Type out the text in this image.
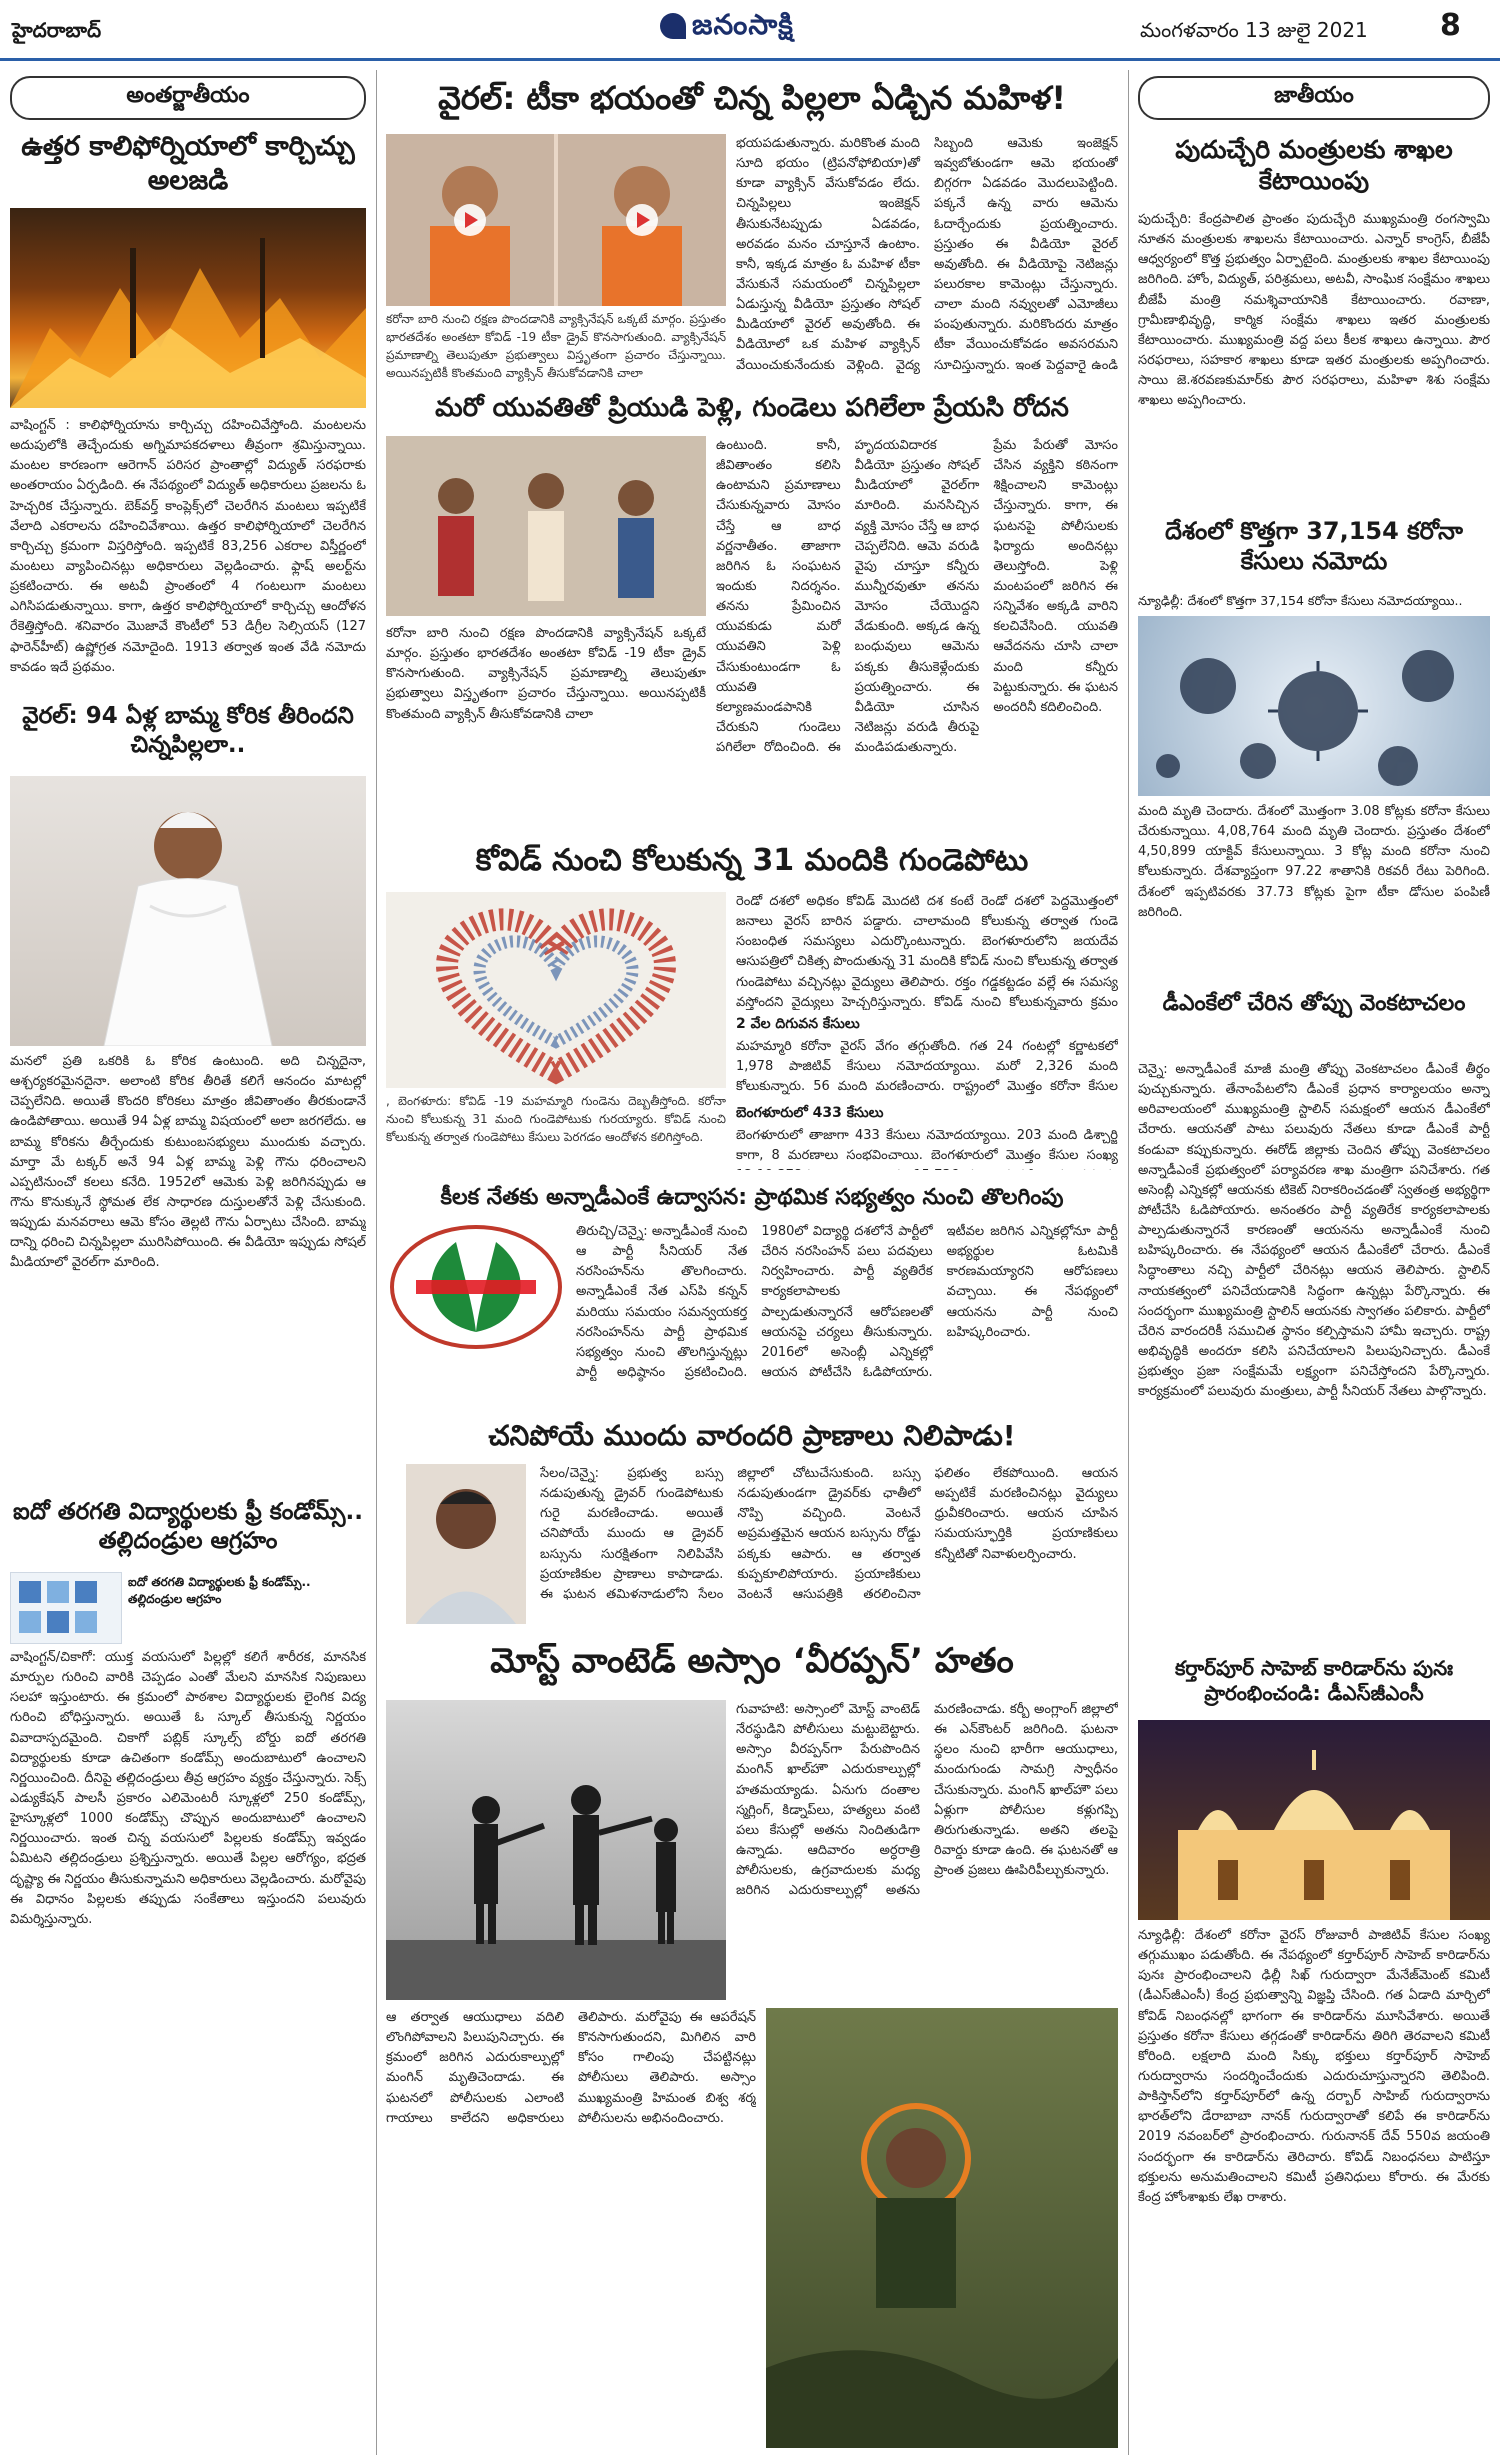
హైదరాబాద్	జనంసాక్షి	మంగళవారం 13 జులై 2021 8
అంతర్జాతీయం
ఉత్తర కాలిఫోర్నియాలో కార్చిచ్చు అలజడి
వాషింగ్టన్ : కాలిఫోర్నియాను కార్చిచ్చు దహించివేస్తోంది. మంటలను అదుపులోకి తెచ్చేందుకు అగ్నిమాపకదళాలు తీవ్రంగా శ్రమిస్తున్నాయి. మంటల కారణంగా ఆరెగాన్ పరిసర ప్రాంతాల్లో విద్యుత్ సరఫరాకు అంతరాయం ఏర్పడింది. ఈ నేపథ్యంలో విద్యుత్ అధికారులు ప్రజలను ఓ హెచ్చరిక చేస్తున్నారు. బెక్‌వర్త్ కాంప్లెక్స్‌లో చెలరేగిన మంటలు ఇప్పటికే వేలాది ఎకరాలను దహించివేశాయి. ఉత్తర కాలిఫోర్నియాలో చెలరేగిన కార్చిచ్చు క్రమంగా విస్తరిస్తోంది. ఇప్పటికే 83,256 ఎకరాల విస్తీర్ణంలో మంటలు వ్యాపించినట్లు అధికారులు వెల్లడించారు. ఫ్లాష్ అలర్ట్‌ను ప్రకటించారు. ఈ అటవీ ప్రాంతంలో 4 గంటలుగా మంటలు ఎగిసిపడుతున్నాయి. కాగా, ఉత్తర కాలిఫోర్నియాలో కార్చిచ్చు ఆందోళన రేకెత్తిస్తోంది. శనివారం మొజావే కౌంటీలో 53 డిగ్రీల సెల్సియస్ (127 ఫారెన్‌హీట్) ఉష్ణోగ్రత నమోదైంది. 1913 తర్వాత ఇంత వేడి నమోదు కావడం ఇదే ప్రథమం.
వైరల్: 94 ఏళ్ల బామ్మ కోరిక తీరిందని చిన్నపిల్లలా..
మనలో ప్రతి ఒకరికి ఓ కోరిక ఉంటుంది. అది చిన్నదైనా, ఆశ్చర్యకరమైనదైనా. అలాంటి కోరిక తీరితే కలిగే ఆనందం మాటల్లో చెప్పలేనిది. అయితే కొందరి కోరికలు మాత్రం జీవితాంతం తీరకుండానే ఉండిపోతాయి. అయితే 94 ఏళ్ల బామ్మ విషయంలో అలా జరగలేదు. ఆ బామ్మ కోరికను తీర్చేందుకు కుటుంబసభ్యులు ముందుకు వచ్చారు. మార్తా మే టక్కర్ అనే 94 ఏళ్ల బామ్మ పెళ్లి గౌను ధరించాలని ఎప్పటినుంచో కలలు కనేది. 1952లో ఆమెకు పెళ్లి జరిగినప్పుడు ఆ గౌను కొనుక్కునే స్థోమత లేక సాధారణ దుస్తులతోనే పెళ్లి చేసుకుంది. ఇప్పుడు మనవరాలు ఆమె కోసం తెల్లటి గౌను ఏర్పాటు చేసింది. బామ్మ దాన్ని ధరించి చిన్నపిల్లలా మురిసిపోయింది. ఈ వీడియో ఇప్పుడు సోషల్ మీడియాలో వైరల్‌గా మారింది.
ఐదో తరగతి విద్యార్థులకు ఫ్రీ కండోమ్స్‌.. తల్లిదండ్రుల ఆగ్రహం
ఐదో తరగతి విద్యార్థులకు ఫ్రీ కండోమ్స్‌.. తల్లిదండ్రుల ఆగ్రహం
వాషింగ్టన్‌/చికాగో: యుక్త వయసులో పిల్లల్లో కలిగే శారీరక, మానసిక మార్పుల గురించి వారికి చెప్పడం ఎంతో మేలని మానసిక నిపుణులు సలహా ఇస్తుంటారు. ఈ క్రమంలో పాఠశాల విద్యార్థులకు లైంగిక విద్య గురించి బోధిస్తున్నారు. అయితే ఓ స్కూల్ తీసుకున్న నిర్ణయం వివాదాస్పదమైంది. చికాగో పబ్లిక్ స్కూల్స్‌ బోర్డు ఐదో తరగతి విద్యార్థులకు కూడా ఉచితంగా కండోమ్స్‌ అందుబాటులో ఉంచాలని నిర్ణయించింది. దీనిపై తల్లిదండ్రులు తీవ్ర ఆగ్రహం వ్యక్తం చేస్తున్నారు. సెక్స్ ఎడ్యుకేషన్ పాలసీ ప్రకారం ఎలిమెంటరీ స్కూళ్లలో 250 కండోమ్స్‌, హైస్కూళ్లలో 1000 కండోమ్స్‌ చొప్పున అందుబాటులో ఉంచాలని నిర్ణయించారు. ఇంత చిన్న వయసులో పిల్లలకు కండోమ్స్‌ ఇవ్వడం ఏమిటని తల్లిదండ్రులు ప్రశ్నిస్తున్నారు. అయితే పిల్లల ఆరోగ్యం, భద్రత దృష్ట్యా ఈ నిర్ణయం తీసుకున్నామని అధికారులు వెల్లడించారు. మరోవైపు ఈ విధానం పిల్లలకు తప్పుడు సంకేతాలు ఇస్తుందని పలువురు విమర్శిస్తున్నారు.
వైరల్‌: టీకా భయంతో చిన్న పిల్లలా ఏడ్చిన మహిళ!
కరోనా బారి నుంచి రక్షణ పొందడానికి వ్యాక్సినేషన్ ఒక్కటే మార్గం. ప్రస్తుతం భారతదేశం అంతటా కోవిడ్ -19 టీకా డ్రైవ్ కొనసాగుతుంది. వ్యాక్సినేషన్ ప్రమాణాల్ని తెలుపుతూ ప్రభుత్వాలు విస్తృతంగా ప్రచారం చేస్తున్నాయి. అయినప్పటికీ కొంతమంది వ్యాక్సిన్ తీసుకోవడానికి చాలా
భయపడుతున్నారు. మరికొంత మంది సూది భయం (ట్రిపనోఫోబియా)తో కూడా వ్యాక్సిన్ వేసుకోవడం లేదు. చిన్నపిల్లలు ఇంజెక్షన్ తీసుకునేటప్పుడు ఏడవడం, అరవడం మనం చూస్తూనే ఉంటాం. కానీ, ఇక్కడ మాత్రం ఓ మహిళ టీకా వేసుకునే సమయంలో చిన్నపిల్లలా ఏడుస్తున్న వీడియో ప్రస్తుతం సోషల్ మీడియాలో వైరల్ అవుతోంది. ఈ వీడియోలో ఒక మహిళ వ్యాక్సిన్ వేయించుకునేందుకు వెళ్లింది. వైద్య సిబ్బంది ఆమెకు ఇంజెక్షన్ ఇవ్వబోతుండగా ఆమె భయంతో బిగ్గరగా ఏడవడం మొదలుపెట్టింది. పక్కనే ఉన్న వారు ఆమెను ఓదార్చేందుకు ప్రయత్నించారు. ప్రస్తుతం ఈ వీడియో వైరల్ అవుతోంది. ఈ వీడియోపై నెటిజన్లు పలురకాల కామెంట్లు చేస్తున్నారు. చాలా మంది నవ్వులతో ఎమోజీలు పంపుతున్నారు. మరికొందరు మాత్రం టీకా వేయించుకోవడం అవసరమని సూచిస్తున్నారు. ఇంత పెద్దవారై ఉండి
మరో యువతితో ప్రియుడి పెళ్లి, గుండెలు పగిలేలా ప్రేయసి రోదన
ఉంటుంది. కానీ, జీవితాంతం కలిసి ఉంటామని ప్రమాణాలు చేసుకున్నవారు మోసం చేస్తే ఆ బాధ వర్ణనాతీతం. తాజాగా జరిగిన ఓ సంఘటన ఇందుకు నిదర్శనం. తనను ప్రేమించిన యువకుడు మరో యువతిని పెళ్లి చేసుకుంటుండగా ఓ యువతి కల్యాణమండపానికి చేరుకుని గుండెలు పగిలేలా రోదించింది. ఈ హృదయవిదారక వీడియో ప్రస్తుతం సోషల్ మీడియాలో వైరల్‌గా మారింది. మనసిచ్చిన వ్యక్తి మోసం చేస్తే ఆ బాధ చెప్పలేనిది. ఆమె వరుడి వైపు చూస్తూ కన్నీరు మున్నీరవుతూ తనను మోసం చేయొద్దని వేడుకుంది. అక్కడ ఉన్న బంధువులు ఆమెను పక్కకు తీసుకెళ్లేందుకు ప్రయత్నించారు. ఈ వీడియో చూసిన నెటిజన్లు వరుడి తీరుపై మండిపడుతున్నారు. ప్రేమ పేరుతో మోసం చేసిన వ్యక్తిని కఠినంగా శిక్షించాలని కామెంట్లు చేస్తున్నారు. కాగా, ఈ ఘటనపై పోలీసులకు ఫిర్యాదు అందినట్లు తెలుస్తోంది. పెళ్లి మంటపంలో జరిగిన ఈ సన్నివేశం అక్కడి వారిని కలచివేసింది. యువతి ఆవేదనను చూసి చాలా మంది కన్నీరు పెట్టుకున్నారు. ఈ ఘటన అందరినీ కదిలించింది.
కరోనా బారి నుంచి రక్షణ పొందడానికి వ్యాక్సినేషన్ ఒక్కటే మార్గం. ప్రస్తుతం భారతదేశం అంతటా కోవిడ్ -19 టీకా డ్రైవ్ కొనసాగుతుంది. వ్యాక్సినేషన్ ప్రమాణాల్ని తెలుపుతూ ప్రభుత్వాలు విస్తృతంగా ప్రచారం చేస్తున్నాయి. అయినప్పటికీ కొంతమంది వ్యాక్సిన్ తీసుకోవడానికి చాలా
కోవిడ్‌ నుంచి కోలుకున్న 31 మందికి గుండెపోటు
, బెంగళూరు: కోవిడ్ -19 మహమ్మారి గుండెను దెబ్బతీస్తోంది. కరోనా నుంచి కోలుకున్న 31 మంది గుండెపోటుకు గురయ్యారు. కోవిడ్ నుంచి కోలుకున్న తర్వాత గుండెపోటు కేసులు పెరగడం ఆందోళన కలిగిస్తోంది.
రెండో దశలో అధికం కోవిడ్ మొదటి దశ కంటే రెండో దశలో పెద్దమొత్తంలో జనాలు వైరస్ బారిన పడ్డారు. చాలామంది కోలుకున్న తర్వాత గుండె సంబంధిత సమస్యలు ఎదుర్కొంటున్నారు. బెంగళూరులోని జయదేవ ఆసుపత్రిలో చికిత్స పొందుతున్న 31 మందికి కోవిడ్ నుంచి కోలుకున్న తర్వాత గుండెపోటు వచ్చినట్లు వైద్యులు తెలిపారు. రక్తం గడ్డకట్టడం వల్లే ఈ సమస్య వస్తోందని వైద్యులు హెచ్చరిస్తున్నారు. కోవిడ్ నుంచి కోలుకున్నవారు క్రమం
2 వేల దిగువన కేసులు
మహమ్మారి కరోనా వైరస్ వేగం తగ్గుతోంది. గత 24 గంటల్లో కర్ణాటకలో 1,978 పాజిటివ్ కేసులు నమోదయ్యాయి. మరో 2,326 మంది కోలుకున్నారు. 56 మంది మరణించారు. రాష్ట్రంలో మొత్తం కరోనా కేసుల
బెంగళూరులో 433 కేసులు
బెంగళూరులో తాజాగా 433 కేసులు నమోదయ్యాయి. 203 మంది డిశ్చార్జి కాగా, 8 మరణాలు సంభవించాయి. బెంగళూరులో మొత్తం కేసుల సంఖ్య
కీలక నేతకు అన్నాడీఎంకే ఉద్వాసన: ప్రాథమిక సభ్యత్వం నుంచి తొలగింపు
తిరుచ్చి/చెన్నై: అన్నాడీఎంకే నుంచి ఆ పార్టీ సీనియర్ నేత నరసింహన్‌ను తొలగించారు. అన్నాడీఎంకే నేత ఎస్‌పి కన్నన్ మరియు సమయం సమన్వయకర్త నరసింహన్‌ను పార్టీ ప్రాథమిక సభ్యత్వం నుంచి తొలగిస్తున్నట్లు పార్టీ అధిష్ఠానం ప్రకటించింది. 1980లో విద్యార్థి దశలోనే పార్టీలో చేరిన నరసింహన్ పలు పదవులు నిర్వహించారు. పార్టీ వ్యతిరేక కార్యకలాపాలకు పాల్పడుతున్నారనే ఆరోపణలతో ఆయనపై చర్యలు తీసుకున్నారు. 2016లో అసెంబ్లీ ఎన్నికల్లో ఆయన పోటీచేసి ఓడిపోయారు. ఇటీవల జరిగిన ఎన్నికల్లోనూ పార్టీ అభ్యర్థుల ఓటమికి కారణమయ్యారని ఆరోపణలు వచ్చాయి. ఈ నేపథ్యంలో ఆయనను పార్టీ నుంచి బహిష్కరించారు.
చనిపోయే ముందు వారందరి ప్రాణాలు నిలిపాడు!
సేలం/చెన్నై: ప్రభుత్వ బస్సు నడుపుతున్న డ్రైవర్ గుండెపోటుకు గురై మరణించాడు. అయితే చనిపోయే ముందు ఆ డ్రైవర్ బస్సును సురక్షితంగా నిలిపివేసి ప్రయాణికుల ప్రాణాలు కాపాడాడు. ఈ ఘటన తమిళనాడులోని సేలం జిల్లాలో చోటుచేసుకుంది. బస్సు నడుపుతుండగా డ్రైవర్‌కు ఛాతీలో నొప్పి వచ్చింది. వెంటనే అప్రమత్తమైన ఆయన బస్సును రోడ్డు పక్కకు ఆపారు. ఆ తర్వాత కుప్పకూలిపోయారు. ప్రయాణికులు వెంటనే ఆసుపత్రికి తరలించినా ఫలితం లేకపోయింది. ఆయన అప్పటికే మరణించినట్లు వైద్యులు ధ్రువీకరించారు. ఆయన చూపిన సమయస్ఫూర్తికి ప్రయాణికులు కన్నీటితో నివాళులర్పించారు.
మోస్ట్‌ వాంటెడ్‌ అస్సాం ‘వీరప్పన్‌’ హతం
గువాహటి: అస్సాంలో మోస్ట్ వాంటెడ్ నేరస్థుడిని పోలీసులు మట్టుబెట్టారు. అస్సాం వీరప్పన్‌గా పేరుపొందిన మంగిన్ ఖాల్‌హౌ ఎదురుకాల్పుల్లో హతమయ్యాడు. ఏనుగు దంతాల స్మగ్లింగ్, కిడ్నాప్‌లు, హత్యలు వంటి పలు కేసుల్లో అతను నిందితుడిగా ఉన్నాడు. ఆదివారం అర్ధరాత్రి పోలీసులకు, ఉగ్రవాదులకు మధ్య జరిగిన ఎదురుకాల్పుల్లో అతను మరణించాడు. కర్బీ అంగ్లాంగ్ జిల్లాలో ఈ ఎన్‌కౌంటర్ జరిగింది. ఘటనా స్థలం నుంచి భారీగా ఆయుధాలు, మందుగుండు సామగ్రి స్వాధీనం చేసుకున్నారు. మంగిన్ ఖాల్‌హౌ పలు ఏళ్లుగా పోలీసుల కళ్లుగప్పి తిరుగుతున్నాడు. అతని తలపై రివార్డు కూడా ఉంది. ఈ ఘటనతో ఆ ప్రాంత ప్రజలు ఊపిరిపీల్చుకున్నారు.
ఆ తర్వాత ఆయుధాలు వదిలి లొంగిపోవాలని పిలుపునిచ్చారు. ఈ క్రమంలో జరిగిన ఎదురుకాల్పుల్లో మంగిన్ మృతిచెందాడు. ఈ ఘటనలో పోలీసులకు ఎలాంటి గాయాలు కాలేదని అధికారులు తెలిపారు. మరోవైపు ఈ ఆపరేషన్ కొనసాగుతుందని, మిగిలిన వారి కోసం గాలింపు చేపట్టినట్లు పోలీసులు తెలిపారు. అస్సాం ముఖ్యమంత్రి హిమంత బిశ్వ శర్మ పోలీసులను అభినందించారు.
జాతీయం
పుదుచ్చేరి మంత్రులకు శాఖల కేటాయింపు
పుదుచ్చేరి: కేంద్రపాలిత ప్రాంతం పుదుచ్చేరి ముఖ్యమంత్రి రంగస్వామి నూతన మంత్రులకు శాఖలను కేటాయించారు. ఎన్నార్ కాంగ్రెస్, బీజేపీ ఆధ్వర్యంలో కొత్త ప్రభుత్వం ఏర్పాటైంది. మంత్రులకు శాఖల కేటాయింపు జరిగింది. హోం, విద్యుత్, పరిశ్రమలు, అటవీ, సాంఘిక సంక్షేమం శాఖలు బీజేపీ మంత్రి నమశ్శివాయానికి కేటాయించారు. రవాణా, గ్రామీణాభివృద్ధి, కార్మిక సంక్షేమ శాఖలు ఇతర మంత్రులకు కేటాయించారు. ముఖ్యమంత్రి వద్ద పలు కీలక శాఖలు ఉన్నాయి. పౌర సరఫరాలు, సహకార శాఖలు కూడా ఇతర మంత్రులకు అప్పగించారు. సాయి జె.శరవణకుమార్‌కు పౌర సరఫరాలు, మహిళా శిశు సంక్షేమ శాఖలు అప్పగించారు.
దేశంలో కొత్తగా 37,154 కరోనా కేసులు నమోదు
న్యూఢిల్లీ: దేశంలో కొత్తగా 37,154 కరోనా కేసులు నమోదయ్యాయి..
మంది మృతి చెందారు. దేశంలో మొత్తంగా 3.08 కోట్లకు కరోనా కేసులు చేరుకున్నాయి. 4,08,764 మంది మృతి చెందారు. ప్రస్తుతం దేశంలో 4,50,899 యాక్టివ్ కేసులున్నాయి. 3 కోట్ల మంది కరోనా నుంచి కోలుకున్నారు. దేశవ్యాప్తంగా 97.22 శాతానికి రికవరీ రేటు పెరిగింది. దేశంలో ఇప్పటివరకు 37.73 కోట్లకు పైగా టీకా డోసుల పంపిణీ జరిగింది.
డీఎంకేలో చేరిన తోప్పు వెంకటాచలం
చెన్నై: అన్నాడీఎంకే మాజీ మంత్రి తోప్పు వెంకటాచలం డీఎంకే తీర్థం పుచ్చుకున్నారు. తేనాంపేటలోని డీఎంకే ప్రధాన కార్యాలయం అన్నా అరివాలయంలో ముఖ్యమంత్రి స్టాలిన్ సమక్షంలో ఆయన డీఎంకేలో చేరారు. ఆయనతో పాటు పలువురు నేతలు కూడా డీఎంకే పార్టీ కండువా కప్పుకున్నారు. ఈరోడ్ జిల్లాకు చెందిన తోప్పు వెంకటాచలం అన్నాడీఎంకే ప్రభుత్వంలో పర్యావరణ శాఖ మంత్రిగా పనిచేశారు. గత అసెంబ్లీ ఎన్నికల్లో ఆయనకు టికెట్ నిరాకరించడంతో స్వతంత్ర అభ్యర్థిగా పోటీచేసి ఓడిపోయారు. అనంతరం పార్టీ వ్యతిరేక కార్యకలాపాలకు పాల్పడుతున్నారనే కారణంతో ఆయనను అన్నాడీఎంకే నుంచి బహిష్కరించారు. ఈ నేపథ్యంలో ఆయన డీఎంకేలో చేరారు. డీఎంకే సిద్ధాంతాలు నచ్చి పార్టీలో చేరినట్లు ఆయన తెలిపారు. స్టాలిన్ నాయకత్వంలో పనిచేయడానికి సిద్ధంగా ఉన్నట్లు పేర్కొన్నారు. ఈ సందర్భంగా ముఖ్యమంత్రి స్టాలిన్ ఆయనకు స్వాగతం పలికారు. పార్టీలో చేరిన వారందరికీ సముచిత స్థానం కల్పిస్తామని హామీ ఇచ్చారు. రాష్ట్ర అభివృద్ధికి అందరూ కలిసి పనిచేయాలని పిలుపునిచ్చారు. డీఎంకే ప్రభుత్వం ప్రజా సంక్షేమమే లక్ష్యంగా పనిచేస్తోందని పేర్కొన్నారు. కార్యక్రమంలో పలువురు మంత్రులు, పార్టీ సీనియర్ నేతలు పాల్గొన్నారు.
కర్తార్‌పూర్‌ సాహెబ్‌ కారిడార్‌ను పునః ప్రారంభించండి: డీఎస్‌జీఎంసీ
న్యూఢిల్లీ: దేశంలో కరోనా వైరస్ రోజువారీ పాజిటివ్ కేసుల సంఖ్య తగ్గుముఖం పడుతోంది. ఈ నేపథ్యంలో కర్తార్‌పూర్ సాహెబ్ కారిడార్‌ను పునః ప్రారంభించాలని ఢిల్లీ సిఖ్ గురుద్వారా మేనేజ్‌మెంట్ కమిటీ (డీఎస్‌జీఎంసీ) కేంద్ర ప్రభుత్వాన్ని విజ్ఞప్తి చేసింది. గత ఏడాది మార్చిలో కోవిడ్ నిబంధనల్లో భాగంగా ఈ కారిడార్‌ను మూసివేశారు. అయితే ప్రస్తుతం కరోనా కేసులు తగ్గడంతో కారిడార్‌ను తిరిగి తెరవాలని కమిటీ కోరింది. లక్షలాది మంది సిక్కు భక్తులు కర్తార్‌పూర్ సాహెబ్ గురుద్వారాను సందర్శించేందుకు ఎదురుచూస్తున్నారని తెలిపింది. పాకిస్తాన్‌లోని కర్తార్‌పూర్‌లో ఉన్న దర్బార్ సాహిబ్ గురుద్వారాను భారత్‌లోని డేరాబాబా నానక్ గురుద్వారాతో కలిపే ఈ కారిడార్‌ను 2019 నవంబర్‌లో ప్రారంభించారు. గురునానక్ దేవ్ 550వ జయంతి సందర్భంగా ఈ కారిడార్‌ను తెరిచారు. కోవిడ్ నిబంధనలు పాటిస్తూ భక్తులను అనుమతించాలని కమిటీ ప్రతినిధులు కోరారు. ఈ మేరకు కేంద్ర హోంశాఖకు లేఖ రాశారు.
